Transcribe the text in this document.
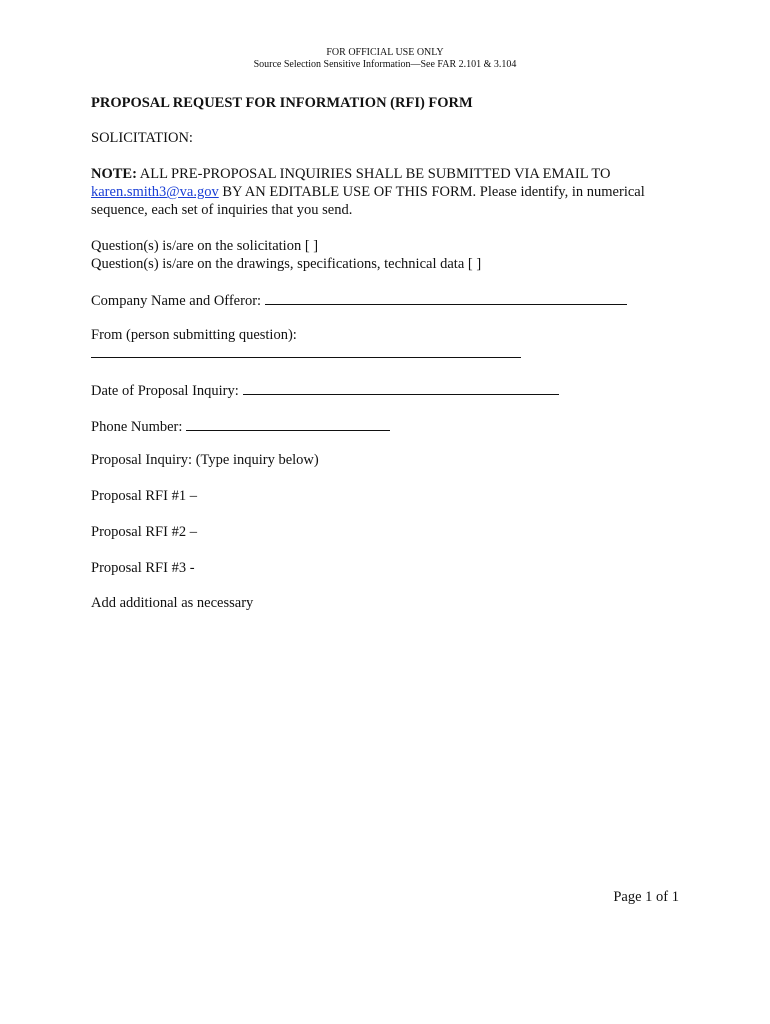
FOR OFFICIAL USE ONLY
Source Selection Sensitive Information—See FAR 2.101 & 3.104
PROPOSAL REQUEST FOR INFORMATION (RFI) FORM
SOLICITATION:
NOTE: ALL PRE-PROPOSAL INQUIRIES SHALL BE SUBMITTED VIA EMAIL TO
karen.smith3@va.gov BY AN EDITABLE USE OF THIS FORM. Please identify, in numerical
sequence, each set of inquiries that you send.
Question(s) is/are on the solicitation [ ]
Question(s) is/are on the drawings, specifications, technical data [ ]
Company Name and Offeror:
From (person submitting question):
Date of Proposal Inquiry:
Phone Number:
Proposal Inquiry: (Type inquiry below)
Proposal RFI #1 –
Proposal RFI #2 –
Proposal RFI #3 -
Add additional as necessary
Page 1 of 1
